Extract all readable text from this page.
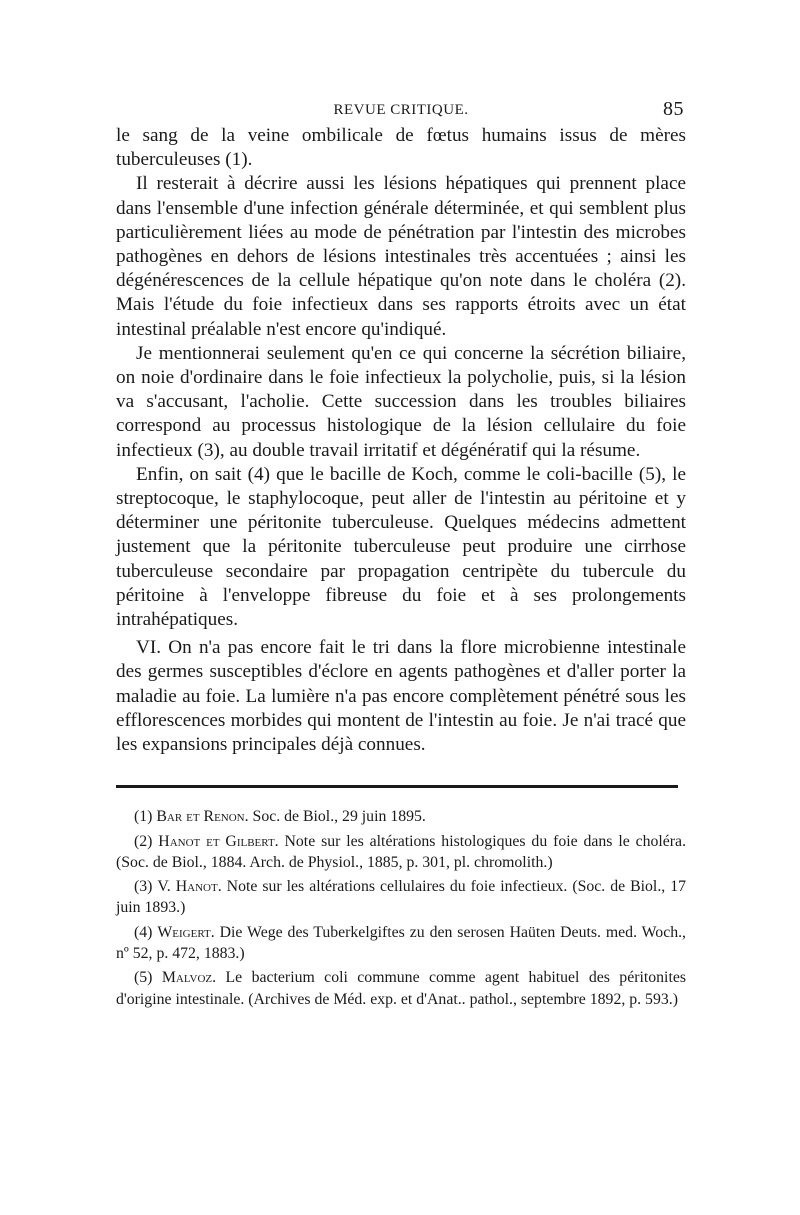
REVUE CRITIQUE.	85

le sang de la veine ombilicale de fœtus humains issus de mères tuberculeuses (1).

Il resterait à décrire aussi les lésions hépatiques qui prennent place dans l'ensemble d'une infection générale déterminée, et qui semblent plus particulièrement liées au mode de pénétration par l'intestin des microbes pathogènes en dehors de lésions intestinales très accentuées ; ainsi les dégénérescences de la cellule hépatique qu'on note dans le choléra (2). Mais l'étude du foie infectieux dans ses rapports étroits avec un état intestinal préalable n'est encore qu'indiqué.

Je mentionnerai seulement qu'en ce qui concerne la sécrétion biliaire, on noie d'ordinaire dans le foie infectieux la polycholie, puis, si la lésion va s'accusant, l'acholie. Cette succession dans les troubles biliaires correspond au processus histologique de la lésion cellulaire du foie infectieux (3), au double travail irritatif et dégénératif qui la résume.

Enfin, on sait (4) que le bacille de Koch, comme le coli-bacille (5), le streptocoque, le staphylocoque, peut aller de l'intestin au péritoine et y déterminer une péritonite tuberculeuse. Quelques médecins admettent justement que la péritonite tuberculeuse peut produire une cirrhose tuberculeuse secondaire par propagation centripète du tubercule du péritoine à l'enveloppe fibreuse du foie et à ses prolongements intrahépatiques.

VI. On n'a pas encore fait le tri dans la flore microbienne intestinale des germes susceptibles d'éclore en agents pathogènes et d'aller porter la maladie au foie. La lumière n'a pas encore complètement pénétré sous les efflorescences morbides qui montent de l'intestin au foie. Je n'ai tracé que les expansions principales déjà connues.

(1) Bar et Renon. Soc. de Biol., 29 juin 1895.

(2) Hanot et Gilbert. Note sur les altérations histologiques du foie dans le choléra. (Soc. de Biol., 1884. Arch. de Physiol., 1885, p. 301, pl. chromolith.)

(3) V. Hanot. Note sur les altérations cellulaires du foie infectieux. (Soc. de Biol., 17 juin 1893.)

(4) Weigert. Die Wege des Tuberkelgiftes zu den serosen Haüten Deuts. med. Woch., nº 52, p. 472, 1883.)

(5) Malvoz. Le bacterium coli commune comme agent habituel des péritonites d'origine intestinale. (Archives de Méd. exp. et d'Anat.. pathol., septembre 1892, p. 593.)
